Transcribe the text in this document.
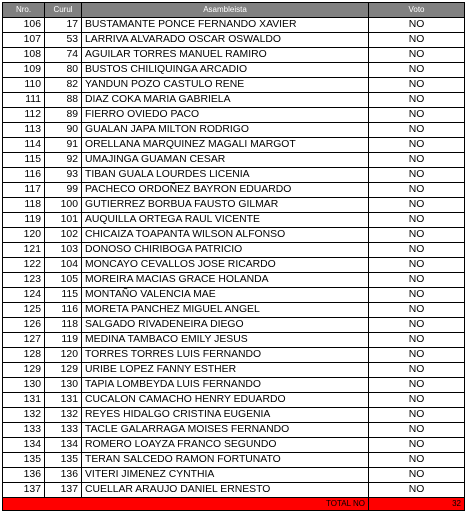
Nro.	Curul	Asambleista	Voto
106	17	BUSTAMANTE PONCE FERNANDO XAVIER	NO
107	53	LARRIVA ALVARADO OSCAR OSWALDO	NO
108	74	AGUILAR TORRES MANUEL RAMIRO	NO
109	80	BUSTOS CHILIQUINGA ARCADIO	NO
110	82	YANDUN POZO CASTULO RENE	NO
111	88	DIAZ COKA MARIA GABRIELA	NO
112	89	FIERRO OVIEDO PACO	NO
113	90	GUALAN JAPA MILTON RODRIGO	NO
114	91	ORELLANA MARQUINEZ MAGALI MARGOT	NO
115	92	UMAJINGA GUAMAN CESAR	NO
116	93	TIBAN GUALA LOURDES LICENIA	NO
117	99	PACHECO ORDOÑEZ BAYRON EDUARDO	NO
118	100	GUTIERREZ BORBUA FAUSTO GILMAR	NO
119	101	AUQUILLA ORTEGA RAUL VICENTE	NO
120	102	CHICAIZA TOAPANTA WILSON ALFONSO	NO
121	103	DONOSO CHIRIBOGA PATRICIO	NO
122	104	MONCAYO CEVALLOS JOSE RICARDO	NO
123	105	MOREIRA MACIAS GRACE HOLANDA	NO
124	115	MONTAÑO VALENCIA MAE	NO
125	116	MORETA PANCHEZ MIGUEL ANGEL	NO
126	118	SALGADO RIVADENEIRA DIEGO	NO
127	119	MEDINA TAMBACO EMILY JESUS	NO
128	120	TORRES TORRES LUIS FERNANDO	NO
129	129	URIBE LOPEZ FANNY ESTHER	NO
130	130	TAPIA LOMBEYDA LUIS FERNANDO	NO
131	131	CUCALON CAMACHO HENRY EDUARDO	NO
132	132	REYES HIDALGO CRISTINA EUGENIA	NO
133	133	TACLE GALARRAGA MOISES FERNANDO	NO
134	134	ROMERO LOAYZA FRANCO SEGUNDO	NO
135	135	TERAN SALCEDO RAMON FORTUNATO	NO
136	136	VITERI JIMENEZ CYNTHIA	NO
137	137	CUELLAR ARAUJO DANIEL ERNESTO	NO
TOTAL NO			32
